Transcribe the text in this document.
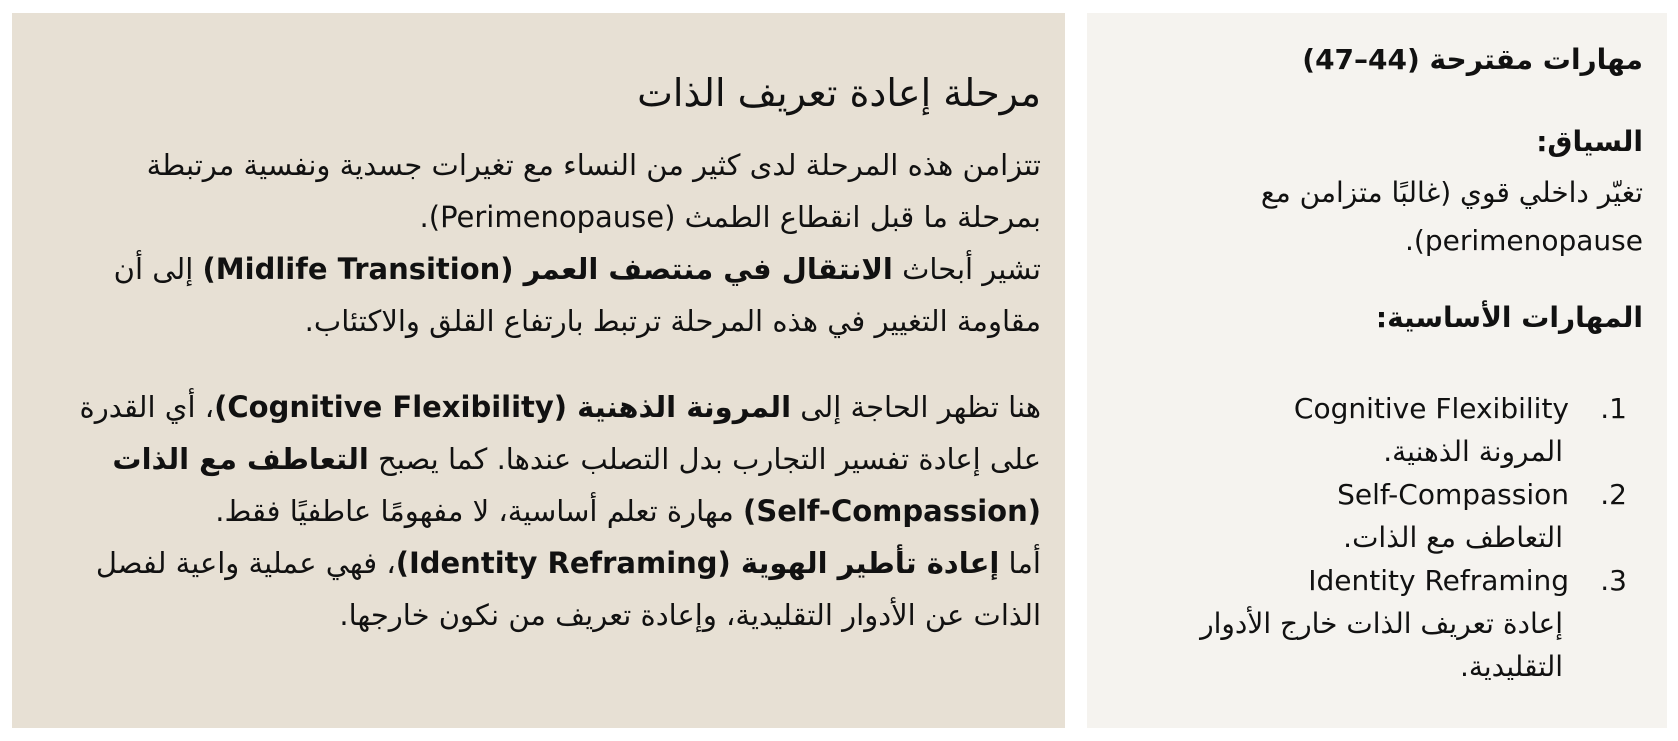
مرحلة إعادة تعريف الذات

تتزامن هذه المرحلة لدى كثير من النساء مع تغيرات جسدية ونفسية مرتبطة بمرحلة ما قبل انقطاع الطمث (Perimenopause).

تشير أبحاث الانتقال في منتصف العمر (Midlife Transition) إلى أن مقاومة التغيير في هذه المرحلة ترتبط بارتفاع القلق والاكتئاب.

هنا تظهر الحاجة إلى المرونة الذهنية (Cognitive Flexibility)، أي القدرة على إعادة تفسير التجارب بدل التصلب عندها. كما يصبح التعاطف مع الذات (Self-Compassion) مهارة تعلم أساسية، لا مفهومًا عاطفيًا فقط.

أما إعادة تأطير الهوية (Identity Reframing)، فهي عملية واعية لفصل الذات عن الأدوار التقليدية، وإعادة تعريف من نكون خارجها.

مهارات مقترحة (44–47)
السياق:

تغيّر داخلي قوي (غالبًا متزامن مع perimenopause).

المهارات الأساسية:
1.
Cognitive Flexibility
المرونة الذهنية.
2.
Self-Compassion
التعاطف مع الذات.
3.
Identity Reframing
إعادة تعريف الذات خارج الأدوار التقليدية.
